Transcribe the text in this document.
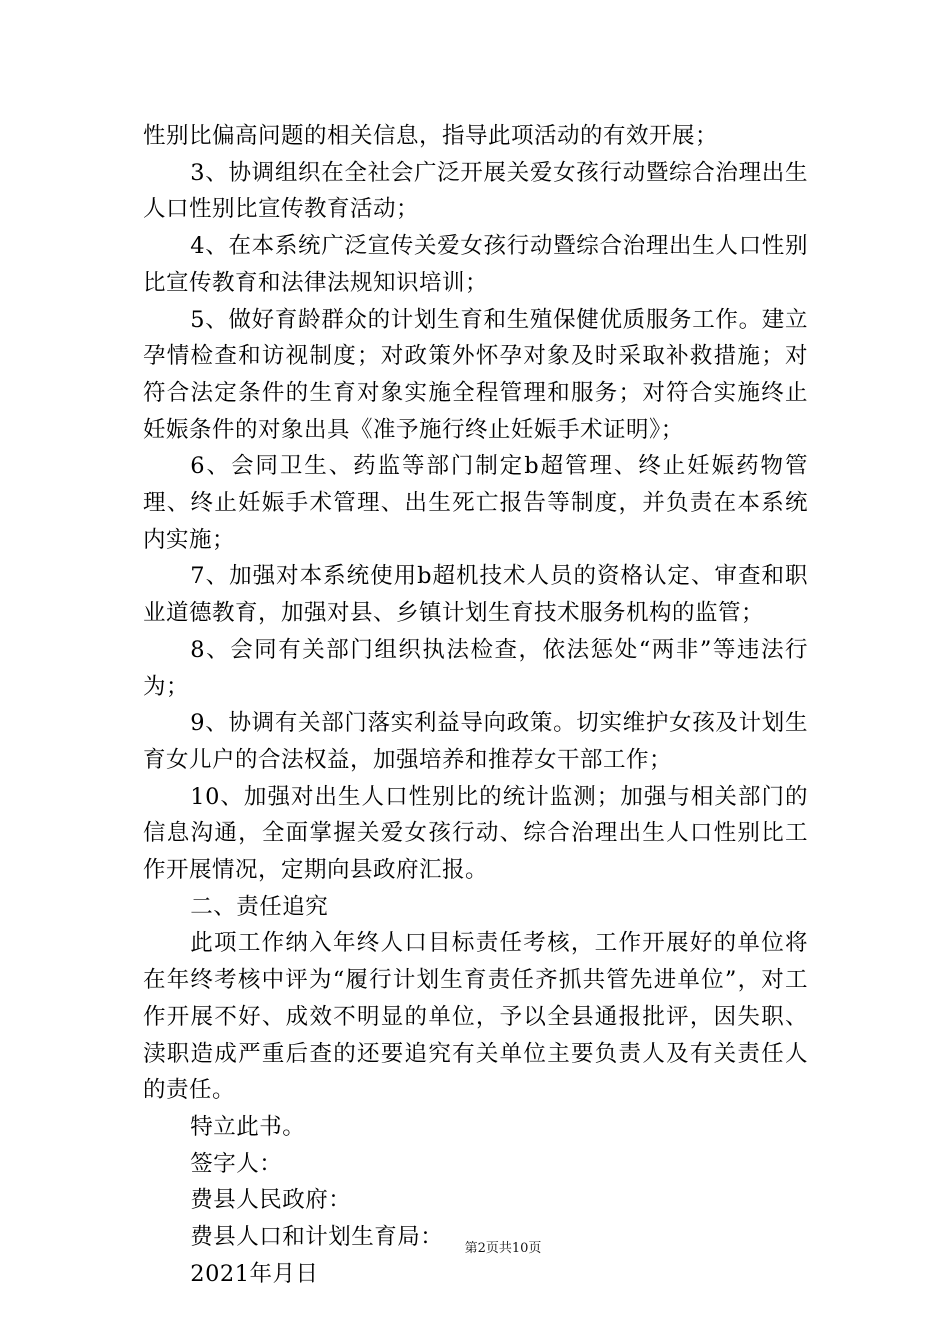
性别比偏高问题的相关信息，指导此项活动的有效开展；

3、协调组织在全社会广泛开展关爱女孩行动暨综合治理出生人口性别比宣传教育活动；

4、在本系统广泛宣传关爱女孩行动暨综合治理出生人口性别比宣传教育和法律法规知识培训；

5、做好育龄群众的计划生育和生殖保健优质服务工作。建立孕情检查和访视制度；对政策外怀孕对象及时采取补救措施；对符合法定条件的生育对象实施全程管理和服务；对符合实施终止妊娠条件的对象出具《准予施行终止妊娠手术证明》；

6、会同卫生、药监等部门制定b超管理、终止妊娠药物管理、终止妊娠手术管理、出生死亡报告等制度，并负责在本系统内实施；

7、加强对本系统使用b超机技术人员的资格认定、审查和职业道德教育，加强对县、乡镇计划生育技术服务机构的监管；

8、会同有关部门组织执法检查，依法惩处“两非”等违法行为；

9、协调有关部门落实利益导向政策。切实维护女孩及计划生育女儿户的合法权益，加强培养和推荐女干部工作；

10、加强对出生人口性别比的统计监测；加强与相关部门的信息沟通，全面掌握关爱女孩行动、综合治理出生人口性别比工作开展情况，定期向县政府汇报。

二、责任追究

此项工作纳入年终人口目标责任考核，工作开展好的单位将在年终考核中评为“履行计划生育责任齐抓共管先进单位”，对工作开展不好、成效不明显的单位，予以全县通报批评，因失职、渎职造成严重后查的还要追究有关单位主要负责人及有关责任人的责任。

特立此书。

签字人：

费县人民政府：

费县人口和计划生育局：

2021年月日

第2页共10页
